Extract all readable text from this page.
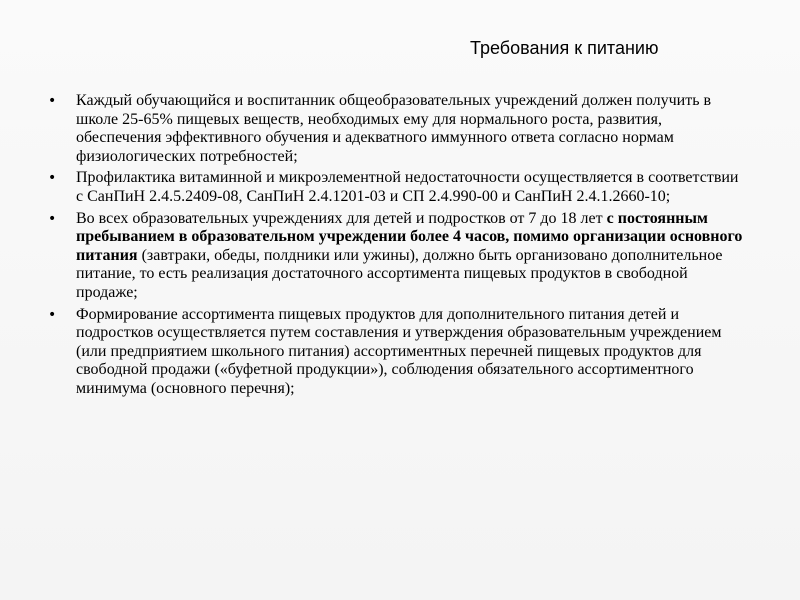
Требования к питанию
• Каждый обучающийся и воспитанник общеобразовательных учреждений должен получить в школе 25-65% пищевых веществ, необходимых ему для нормального роста, развития, обеспечения эффективного обучения и адекватного иммунного ответа согласно нормам физиологических потребностей;
• Профилактика витаминной и микроэлементной недостаточности осуществляется в соответствии с СанПиН 2.4.5.2409-08, СанПиН 2.4.1201-03 и СП 2.4.990-00 и СанПиН 2.4.1.2660-10;
• Во всех образовательных учреждениях для детей и подростков от 7 до 18 лет с постоянным пребыванием в образовательном учреждении более 4 часов, помимо организации основного питания (завтраки, обеды, полдники или ужины), должно быть организовано дополнительное питание, то есть реализация достаточного ассортимента пищевых продуктов в свободной продаже;
• Формирование ассортимента пищевых продуктов для дополнительного питания детей и подростков осуществляется путем составления и утверждения образовательным учреждением (или предприятием школьного питания) ассортиментных перечней пищевых продуктов для свободной продажи («буфетной продукции»), соблюдения обязательного ассортиментного минимума (основного перечня);
